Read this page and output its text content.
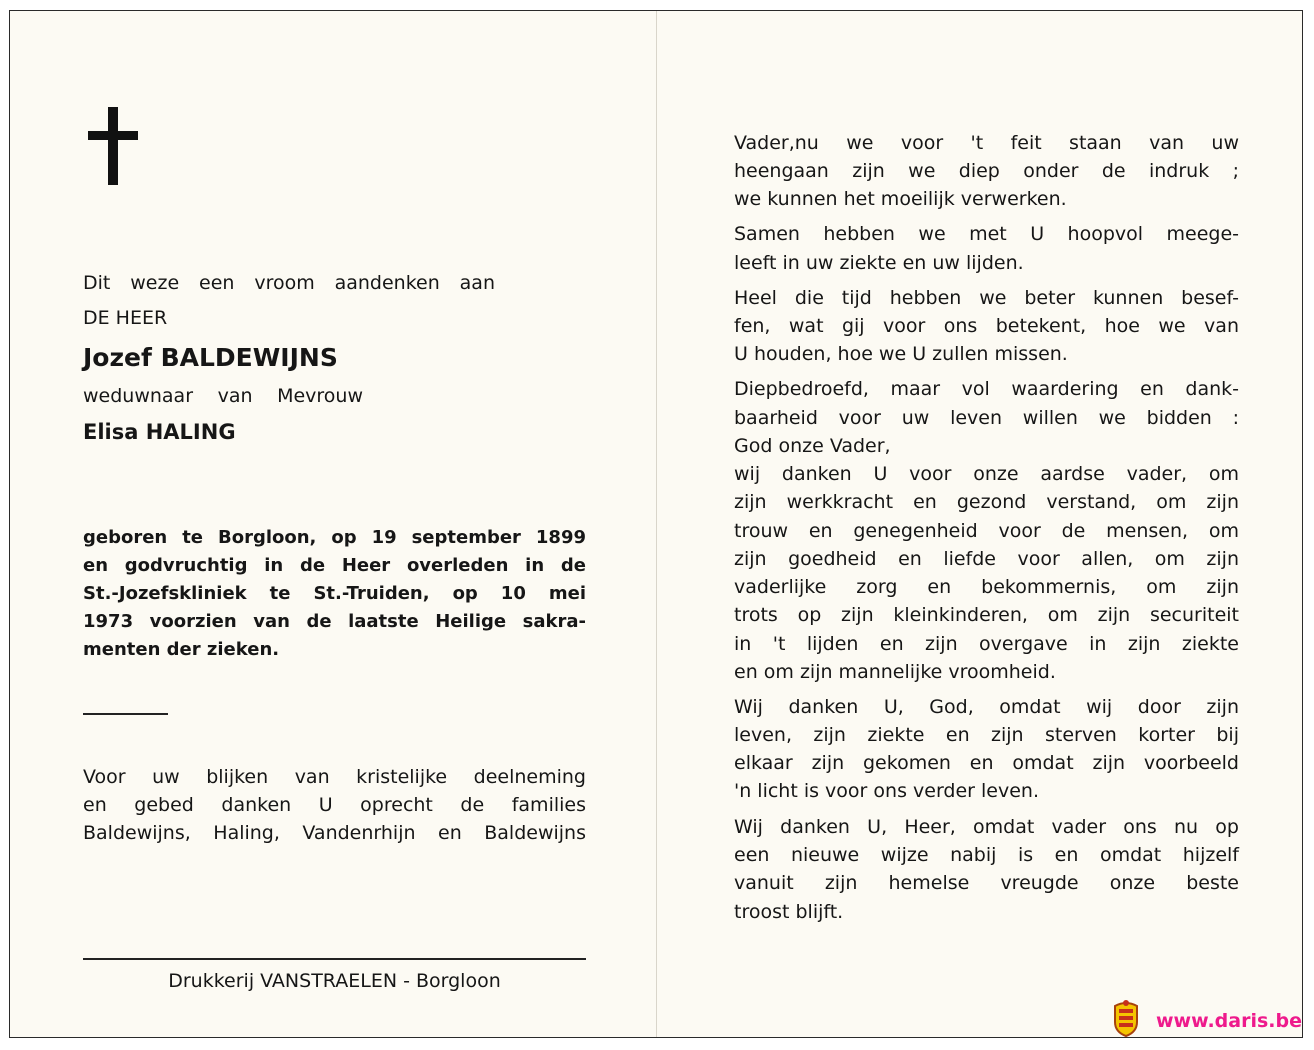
Dit weze een vroom aandenken aan
DE HEER
Jozef BALDEWIJNS
weduwnaar van Mevrouw
Elisa HALING
geboren te Borgloon, op 19 september 1899
en godvruchtig in de Heer overleden in de
St.-Jozefskliniek te St.-Truiden, op 10 mei
1973 voorzien van de laatste Heilige sakra-
menten der zieken.
Voor uw blijken van kristelijke deelneming
en gebed danken U oprecht de families
Baldewijns, Haling, Vandenrhijn en Baldewijns
Drukkerij VANSTRAELEN - Borgloon
Vader,nu we voor 't feit staan van uw
heengaan zijn we diep onder de indruk ;
we kunnen het moeilijk verwerken.
Samen hebben we met U hoopvol meege-
leeft in uw ziekte en uw lijden.
Heel die tijd hebben we beter kunnen besef-
fen, wat gij voor ons betekent, hoe we van
U houden, hoe we U zullen missen.
Diepbedroefd, maar vol waardering en dank-
baarheid voor uw leven willen we bidden :
God onze Vader,
wij danken U voor onze aardse vader, om
zijn werkkracht en gezond verstand, om zijn
trouw en genegenheid voor de mensen, om
zijn goedheid en liefde voor allen, om zijn
vaderlijke zorg en bekommernis, om zijn
trots op zijn kleinkinderen, om zijn securiteit
in 't lijden en zijn overgave in zijn ziekte
en om zijn mannelijke vroomheid.
Wij danken U, God, omdat wij door zijn
leven, zijn ziekte en zijn sterven korter bij
elkaar zijn gekomen en omdat zijn voorbeeld
'n licht is voor ons verder leven.
Wij danken U, Heer, omdat vader ons nu op
een nieuwe wijze nabij is en omdat hijzelf
vanuit zijn hemelse vreugde onze beste
troost blijft.
www.daris.be
